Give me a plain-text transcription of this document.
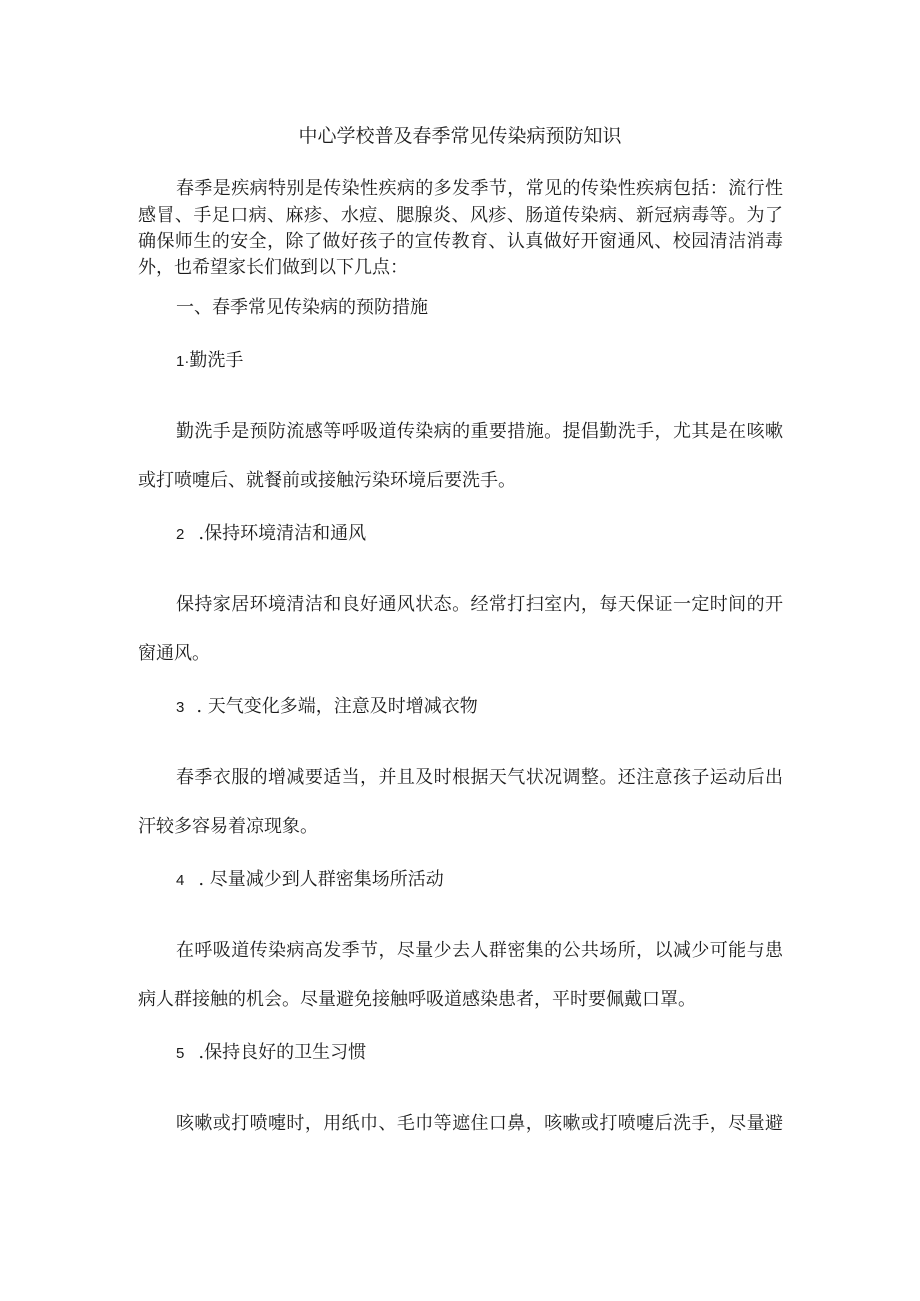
中心学校普及春季常见传染病预防知识
春季是疾病特别是传染性疾病的多发季节，常见的传染性疾病包括：流行性
感冒、手足口病、麻疹、水痘、腮腺炎、风疹、肠道传染病、新冠病毒等。为了
确保师生的安全，除了做好孩子的宣传教育、认真做好开窗通风、校园清洁消毒
外，也希望家长们做到以下几点：
一、春季常见传染病的预防措施
1·勤洗手
勤洗手是预防流感等呼吸道传染病的重要措施。提倡勤洗手，尤其是在咳嗽
或打喷嚏后、就餐前或接触污染环境后要洗手。
2 .保持环境清洁和通风
保持家居环境清洁和良好通风状态。经常打扫室内，每天保证一定时间的开
窗通风。
3 . 天气变化多端，注意及时增减衣物
春季衣服的增减要适当，并且及时根据天气状况调整。还注意孩子运动后出
汗较多容易着凉现象。
4 . 尽量减少到人群密集场所活动
在呼吸道传染病高发季节，尽量少去人群密集的公共场所，以减少可能与患
病人群接触的机会。尽量避免接触呼吸道感染患者，平时要佩戴口罩。
5 .保持良好的卫生习惯
咳嗽或打喷嚏时，用纸巾、毛巾等遮住口鼻，咳嗽或打喷嚏后洗手，尽量避
